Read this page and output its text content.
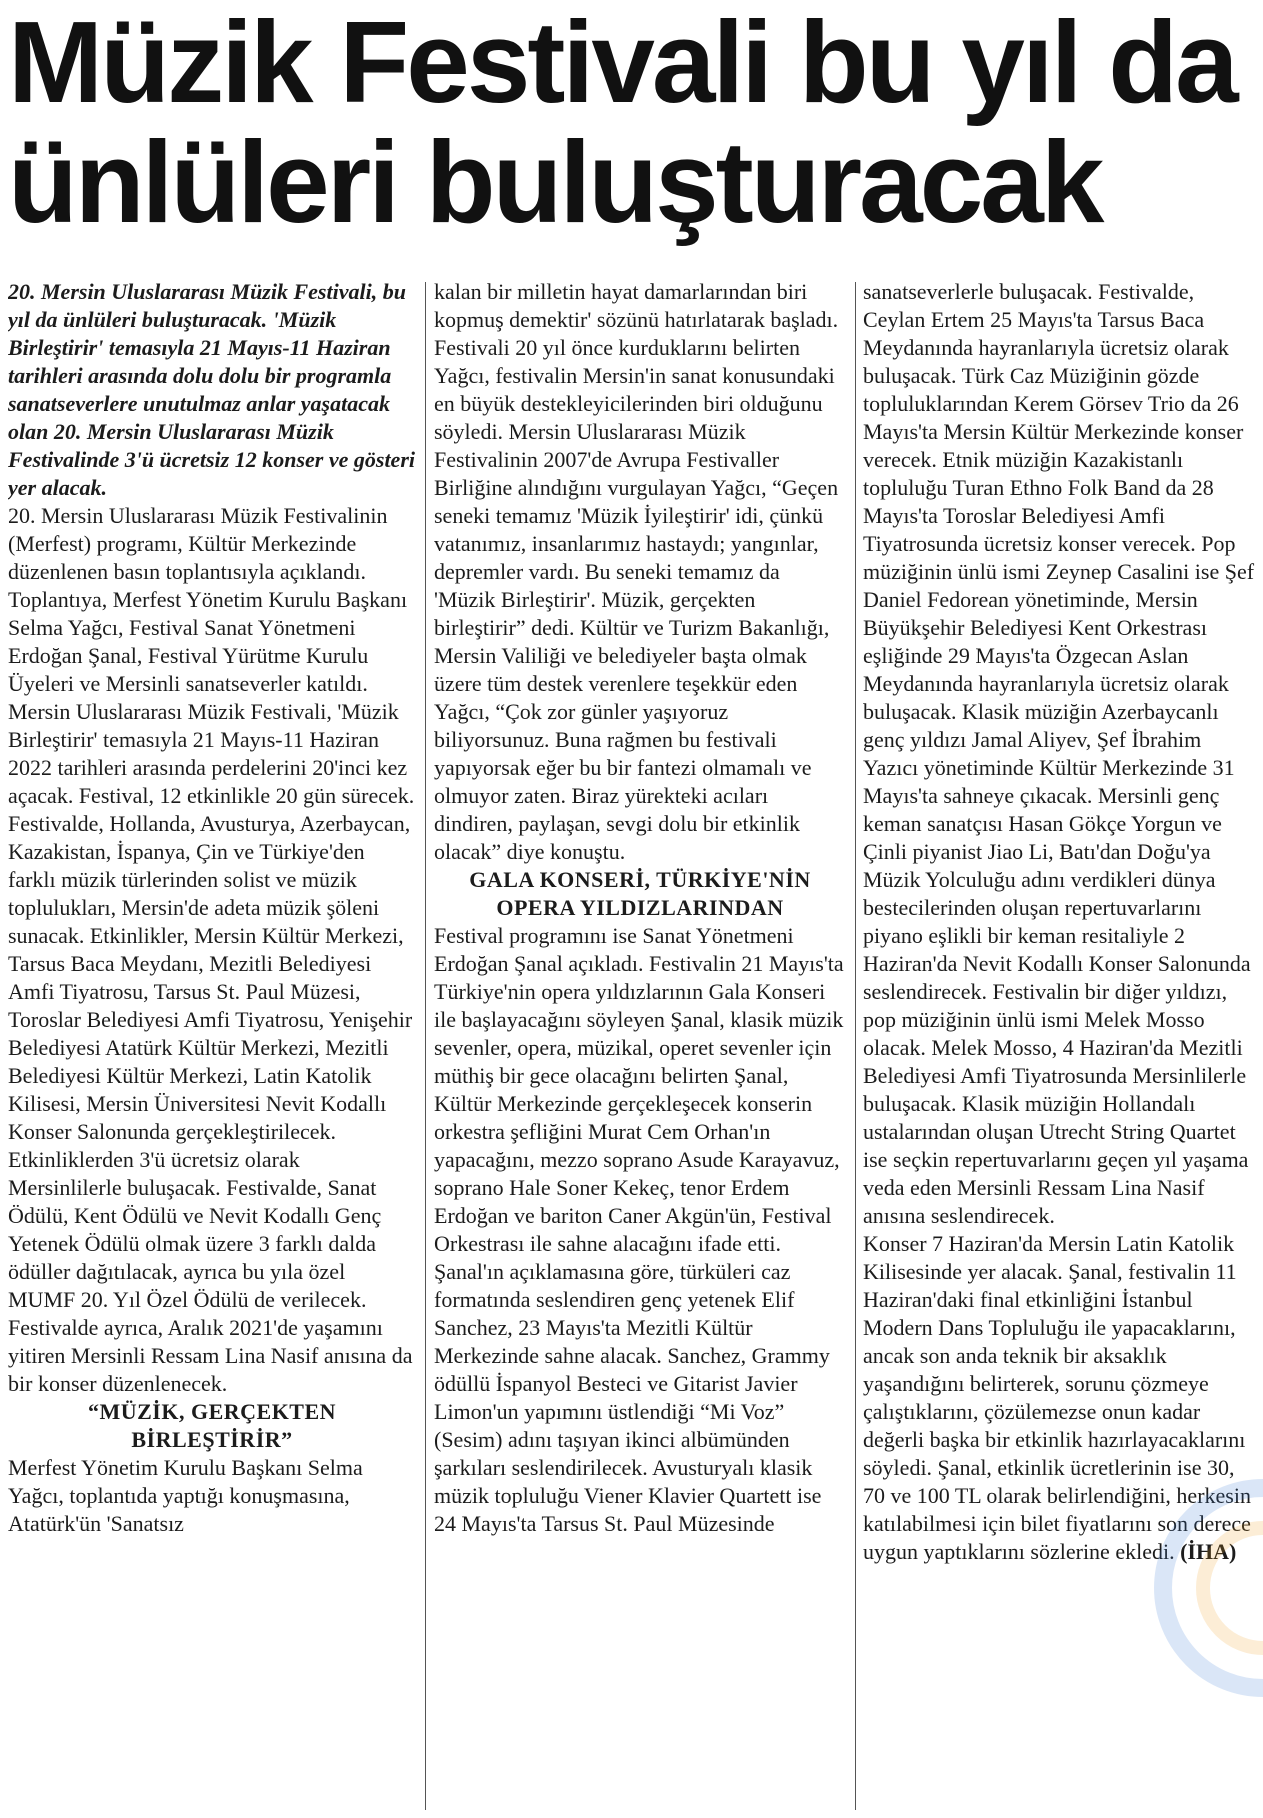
Müzik Festivali bu yıl da
ünlüleri buluşturacak

20. Mersin Uluslararası Müzik Festivali, bu yıl da ünlüleri buluşturacak. 'Müzik Birleştirir' temasıyla 21 Mayıs-11 Haziran tarihleri arasında dolu dolu bir programla sanatseverlere unutulmaz anlar yaşatacak olan 20. Mersin Uluslararası Müzik Festivalinde 3'ü ücretsiz 12 konser ve gösteri yer alacak.

20. Mersin Uluslararası Müzik Festivalinin (Merfest) programı, Kültür Merkezinde düzenlenen basın toplantısıyla açıklandı. Toplantıya, Merfest Yönetim Kurulu Başkanı Selma Yağcı, Festival Sanat Yönetmeni Erdoğan Şanal, Festival Yürütme Kurulu Üyeleri ve Mersinli sanatseverler katıldı.

Mersin Uluslararası Müzik Festivali, 'Müzik Birleştirir' temasıyla 21 Mayıs-11 Haziran 2022 tarihleri arasında perdelerini 20'inci kez açacak. Festival, 12 etkinlikle 20 gün sürecek. Festivalde, Hollanda, Avusturya, Azerbaycan, Kazakistan, İspanya, Çin ve Türkiye'den farklı müzik türlerinden solist ve müzik toplulukları, Mersin'de adeta müzik şöleni sunacak. Etkinlikler, Mersin Kültür Merkezi, Tarsus Baca Meydanı, Mezitli Belediyesi Amfi Tiyatrosu, Tarsus St. Paul Müzesi, Toroslar Belediyesi Amfi Tiyatrosu, Yenişehir Belediyesi Atatürk Kültür Merkezi, Mezitli Belediyesi Kültür Merkezi, Latin Katolik Kilisesi, Mersin Üniversitesi Nevit Kodallı Konser Salonunda gerçekleştirilecek. Etkinliklerden 3'ü ücretsiz olarak Mersinlilerle buluşacak. Festivalde, Sanat Ödülü, Kent Ödülü ve Nevit Kodallı Genç Yetenek Ödülü olmak üzere 3 farklı dalda ödüller dağıtılacak, ayrıca bu yıla özel MUMF 20. Yıl Özel Ödülü de verilecek. Festivalde ayrıca, Aralık 2021'de yaşamını yitiren Mersinli Ressam Lina Nasif anısına da bir konser düzenlenecek.

“MÜZİK, GERÇEKTEN BİRLEŞTİRİR”

Merfest Yönetim Kurulu Başkanı Selma Yağcı, toplantıda yaptığı konuşmasına, Atatürk'ün 'Sanatsız

kalan bir milletin hayat damarlarından biri kopmuş demektir' sözünü hatırlatarak başladı. Festivali 20 yıl önce kurduklarını belirten Yağcı, festivalin Mersin'in sanat konusundaki en büyük destekleyicilerinden biri olduğunu söyledi. Mersin Uluslararası Müzik Festivalinin 2007'de Avrupa Festivaller Birliğine alındığını vurgulayan Yağcı, “Geçen seneki temamız 'Müzik İyileştirir' idi, çünkü vatanımız, insanlarımız hastaydı; yangınlar, depremler vardı. Bu seneki temamız da 'Müzik Birleştirir'. Müzik, gerçekten birleştirir” dedi. Kültür ve Turizm Bakanlığı, Mersin Valiliği ve belediyeler başta olmak üzere tüm destek verenlere teşekkür eden Yağcı, “Çok zor günler yaşıyoruz biliyorsunuz. Buna rağmen bu festivali yapıyorsak eğer bu bir fantezi olmamalı ve olmuyor zaten. Biraz yürekteki acıları dindiren, paylaşan, sevgi dolu bir etkinlik olacak” diye konuştu.

GALA KONSERİ, TÜRKİYE'NİN OPERA YILDIZLARINDAN

Festival programını ise Sanat Yönetmeni Erdoğan Şanal açıkladı. Festivalin 21 Mayıs'ta Türkiye'nin opera yıldızlarının Gala Konseri ile başlayacağını söyleyen Şanal, klasik müzik sevenler, opera, müzikal, operet sevenler için müthiş bir gece olacağını belirten Şanal, Kültür Merkezinde gerçekleşecek konserin orkestra şefliğini Murat Cem Orhan'ın yapacağını, mezzo soprano Asude Karayavuz, soprano Hale Soner Kekeç, tenor Erdem Erdoğan ve bariton Caner Akgün'ün, Festival Orkestrası ile sahne alacağını ifade etti. Şanal'ın açıklamasına göre, türküleri caz formatında seslendiren genç yetenek Elif Sanchez, 23 Mayıs'ta Mezitli Kültür Merkezinde sahne alacak. Sanchez, Grammy ödüllü İspanyol Besteci ve Gitarist Javier Limon'un yapımını üstlendiği “Mi Voz” (Sesim) adını taşıyan ikinci albümünden şarkıları seslendirilecek. Avusturyalı klasik müzik topluluğu Viener Klavier Quartett ise 24 Mayıs'ta Tarsus St. Paul Müzesinde

sanatseverlerle buluşacak. Festivalde, Ceylan Ertem 25 Mayıs'ta Tarsus Baca Meydanında hayranlarıyla ücretsiz olarak buluşacak. Türk Caz Müziğinin gözde topluluklarından Kerem Görsev Trio da 26 Mayıs'ta Mersin Kültür Merkezinde konser verecek. Etnik müziğin Kazakistanlı topluluğu Turan Ethno Folk Band da 28 Mayıs'ta Toroslar Belediyesi Amfi Tiyatrosunda ücretsiz konser verecek. Pop müziğinin ünlü ismi Zeynep Casalini ise Şef Daniel Fedorean yönetiminde, Mersin Büyükşehir Belediyesi Kent Orkestrası eşliğinde 29 Mayıs'ta Özgecan Aslan Meydanında hayranlarıyla ücretsiz olarak buluşacak. Klasik müziğin Azerbaycanlı genç yıldızı Jamal Aliyev, Şef İbrahim Yazıcı yönetiminde Kültür Merkezinde 31 Mayıs'ta sahneye çıkacak. Mersinli genç keman sanatçısı Hasan Gökçe Yorgun ve Çinli piyanist Jiao Li, Batı'dan Doğu'ya Müzik Yolculuğu adını verdikleri dünya bestecilerinden oluşan repertuvarlarını piyano eşlikli bir keman resitaliyle 2 Haziran'da Nevit Kodallı Konser Salonunda seslendirecek. Festivalin bir diğer yıldızı, pop müziğinin ünlü ismi Melek Mosso olacak. Melek Mosso, 4 Haziran'da Mezitli Belediyesi Amfi Tiyatrosunda Mersinlilerle buluşacak. Klasik müziğin Hollandalı ustalarından oluşan Utrecht String Quartet ise seçkin repertuvarlarını geçen yıl yaşama veda eden Mersinli Ressam Lina Nasif anısına seslendirecek.

Konser 7 Haziran'da Mersin Latin Katolik Kilisesinde yer alacak. Şanal, festivalin 11 Haziran'daki final etkinliğini İstanbul Modern Dans Topluluğu ile yapacaklarını, ancak son anda teknik bir aksaklık yaşandığını belirterek, sorunu çözmeye çalıştıklarını, çözülemezse onun kadar değerli başka bir etkinlik hazırlayacaklarını söyledi. Şanal, etkinlik ücretlerinin ise 30, 70 ve 100 TL olarak belirlendiğini, herkesin katılabilmesi için bilet fiyatlarını son derece uygun yaptıklarını sözlerine ekledi. (İHA)
